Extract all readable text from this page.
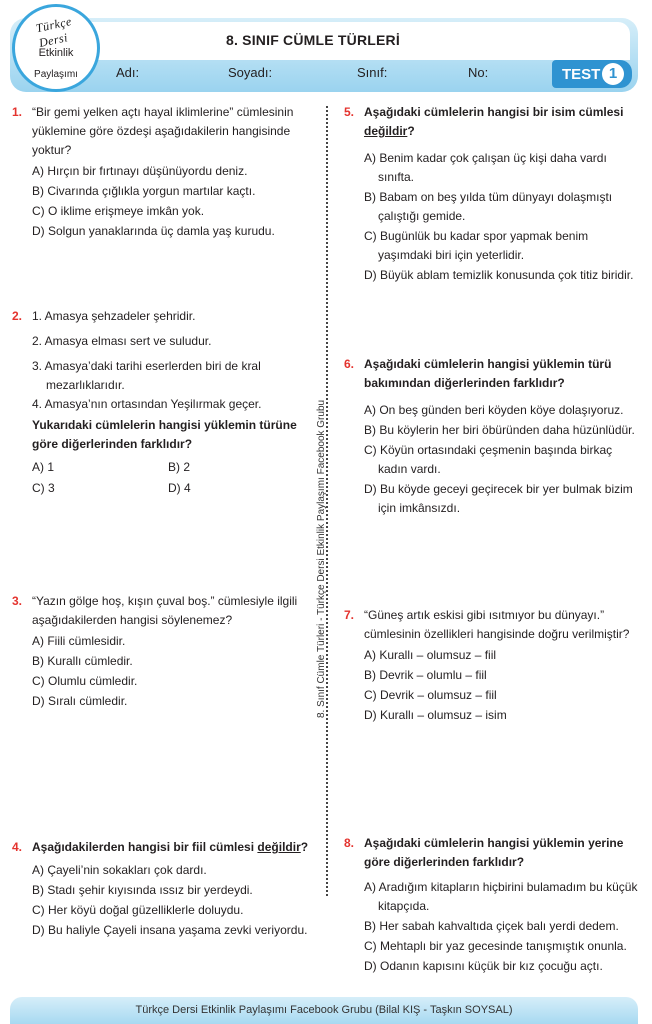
Türkçe Dersi
Etkinlik
Paylaşımı
8. SINIF CÜMLE TÜRLERİ
Adı:	Soyadı:	Sınıf:	No:	TEST 1
8. Sınıf Cümle Türleri - Türkçe Dersi Etkinlik Paylaşımı Facebook Grubu
1. “Bir gemi yelken açtı hayal iklimlerine” cümlesinin yüklemine göre özdeşi aşağıdakilerin hangisinde yoktur?

A) Hırçın bir fırtınayı düşünüyordu deniz.

B) Civarında çığlıkla yorgun martılar kaçtı.

C) O iklime erişmeye imkân yok.

D) Solgun yanaklarında üç damla yaş kurudu.

2. 1. Amasya şehzadeler şehridir.

2. Amasya elması sert ve suludur.

3. Amasya’daki tarihi eserlerden biri de kral mezarlıklarıdır.

4. Amasya’nın ortasından Yeşilırmak geçer.

Yukarıdaki cümlelerin hangisi yüklemin türüne göre diğerlerinden farklıdır?

A) 1	B) 2
C) 3	D) 4
3. “Yazın gölge hoş, kışın çuval boş.” cümlesiyle ilgili aşağıdakilerden hangisi söylenemez?

A) Fiili cümlesidir.

B) Kurallı cümledir.

C) Olumlu cümledir.

D) Sıralı cümledir.

4. Aşağıdakilerden hangisi bir fiil cümlesi değildir?

A) Çayeli’nin sokakları çok dardı.

B) Stadı şehir kıyısında ıssız bir yerdeydi.

C) Her köyü doğal güzelliklerle doluydu.

D) Bu haliyle Çayeli insana yaşama zevki veriyordu.

5. Aşağıdaki cümlelerin hangisi bir isim cümlesi değildir?

A) Benim kadar çok çalışan üç kişi daha vardı sınıfta.

B) Babam on beş yılda tüm dünyayı dolaşmıştı çalıştığı gemide.

C) Bugünlük bu kadar spor yapmak benim yaşımdaki biri için yeterlidir.

D) Büyük ablam temizlik konusunda çok titiz biridir.

6. Aşağıdaki cümlelerin hangisi yüklemin türü bakımından diğerlerinden farklıdır?

A) On beş günden beri köyden köye dolaşıyoruz.

B) Bu köylerin her biri öbüründen daha hüzünlüdür.

C) Köyün ortasındaki çeşmenin başında birkaç kadın vardı.

D) Bu köyde geceyi geçirecek bir yer bulmak bizim için imkânsızdı.

7. “Güneş artık eskisi gibi ısıtmıyor bu dünyayı.” cümlesinin özellikleri hangisinde doğru verilmiştir?

A) Kurallı – olumsuz – fiil

B) Devrik – olumlu – fiil

C) Devrik – olumsuz – fiil

D) Kurallı – olumsuz – isim

8. Aşağıdaki cümlelerin hangisi yüklemin yerine göre diğerlerinden farklıdır?

A) Aradığım kitapların hiçbirini bulamadım bu küçük kitapçıda.

B) Her sabah kahvaltıda çiçek balı yerdi dedem.

C) Mehtaplı bir yaz gecesinde tanışmıştık onunla.

D) Odanın kapısını küçük bir kız çocuğu açtı.

Türkçe Dersi Etkinlik Paylaşımı Facebook Grubu (Bilal KIŞ - Taşkın SOYSAL)
